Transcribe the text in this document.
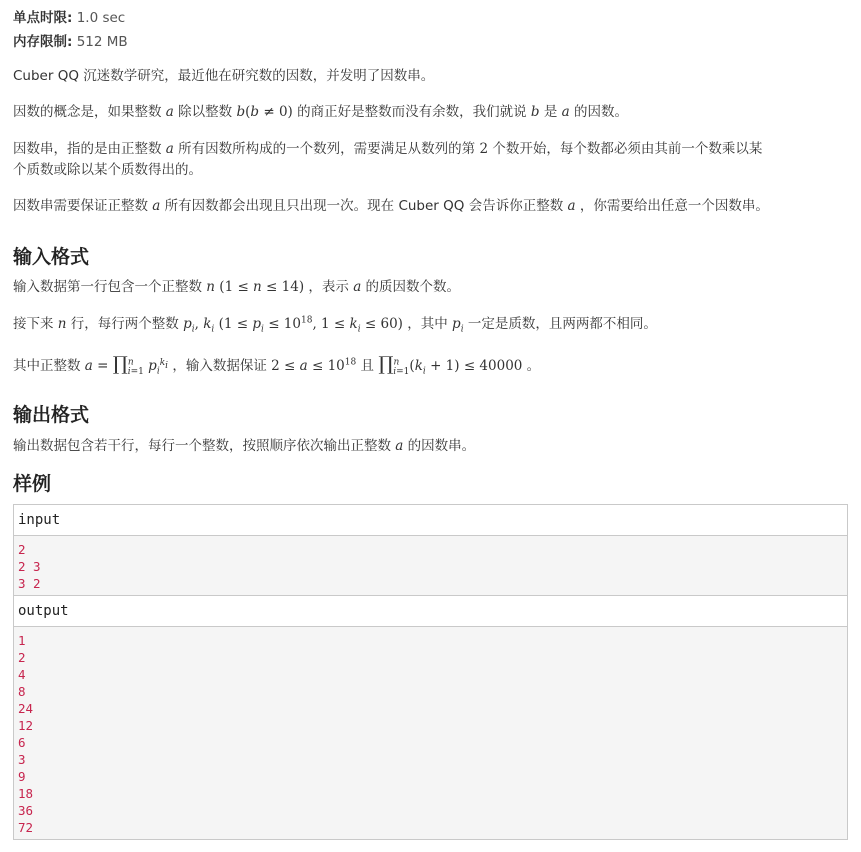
单点时限: 1.0 sec
内存限制: 512 MB

Cuber QQ 沉迷数学研究，最近他在研究数的因数，并发明了因数串。

因数的概念是，如果整数 a 除以整数 b(b ≠ 0) 的商正好是整数而没有余数，我们就说 b 是 a 的因数。

因数串，指的是由正整数 a 所有因数所构成的一个数列，需要满足从数列的第 2 个数开始，每个数都必须由其前一个数乘以某
个质数或除以某个质数得出的。

因数串需要保证正整数 a 所有因数都会出现且只出现一次。现在 Cuber QQ 会告诉你正整数 a ，你需要给出任意一个因数串。

输入格式

输入数据第一行包含一个正整数 n (1 ≤ n ≤ 14) ，表示 a 的质因数个数。

接下来 n 行，每行两个整数 $p_i$, $k_i$ ($1 \le p_i \le 10^{18}$, $1 \le k_i \le 60$) ，其中 $p_i$ 一定是质数，且两两都不相同。

其中正整数 a = ∏$^n_{i=1}$ $p_i^{k_i}$ ，输入数据保证 $2 \le a \le 10^{18}$ 且 $\prod^n_{i=1}(k_i + 1) \le 40000$ 。

输出格式

输出数据包含若干行，每行一个整数，按照顺序依次输出正整数 a 的因数串。

样例
input
2
2 3
3 2
output
1
2
4
8
24
12
6
3
9
18
36
72
